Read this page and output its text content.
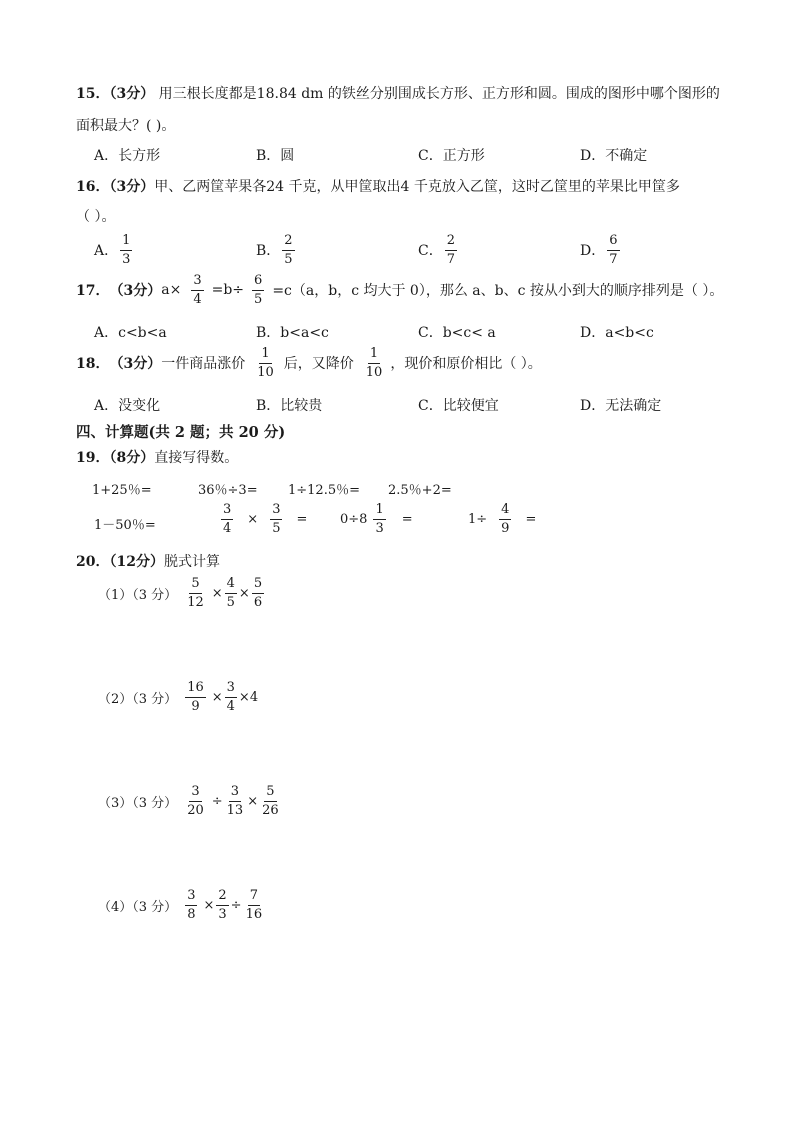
15．（3分） 用三根长度都是18.84 dm 的铁丝分别围成长方形、正方形和圆。围成的图形中哪个图形的
面积最大？( )。
A．长方形	B．圆	C．正方形	D．不确定
16．（3分）甲、乙两筐苹果各24 千克，从甲筐取出4 千克放入乙筐，这时乙筐里的苹果比甲筐多
（ ）。
A． $\frac{1}{3}$	B． $\frac{2}{5}$	C． $\frac{2}{7}$	D． $\frac{6}{7}$
17． （3分） $a\times \frac{3}{4} =b\div \frac{6}{5} =c(a$，b，c 均大于 0），那么 a、b、c 按从小到大的顺序排列是（ ）。
A．c<b<a	B．b<a<c	C．b<c< a	D．a<b<c
18． （3分） 一件商品涨价 $\frac{1}{10}$ 后，又降价 $\frac{1}{10}$ ，现价和原价相比（ ）。
A．没变化	B．比较贵	C．比较便宜	D．无法确定
四、计算题(共 2 题；共 20 分)
19．（8分）直接写得数。
1+25％=	36％÷3= 1÷12.5％= 2.5％+2=
1－50％=	$\frac{3}{4} \times \frac{3}{5}$ =	$0\div 8 \frac{1}{3}$ =	$1\div \frac{4}{9}$ =
20．（12分）脱式计算
（1）（3 分） $\frac{5}{12} \times \frac{4}{5} \times \frac{5}{6}$
（2）（3 分） $\frac{16}{9} \times \frac{3}{4} \times 4$
（3）（3 分） $\frac{3}{20} \div \frac{3}{13} \times \frac{5}{26}$
（4）（3 分） $\frac{3}{8} \times \frac{2}{3} \div \frac{7}{16}$
